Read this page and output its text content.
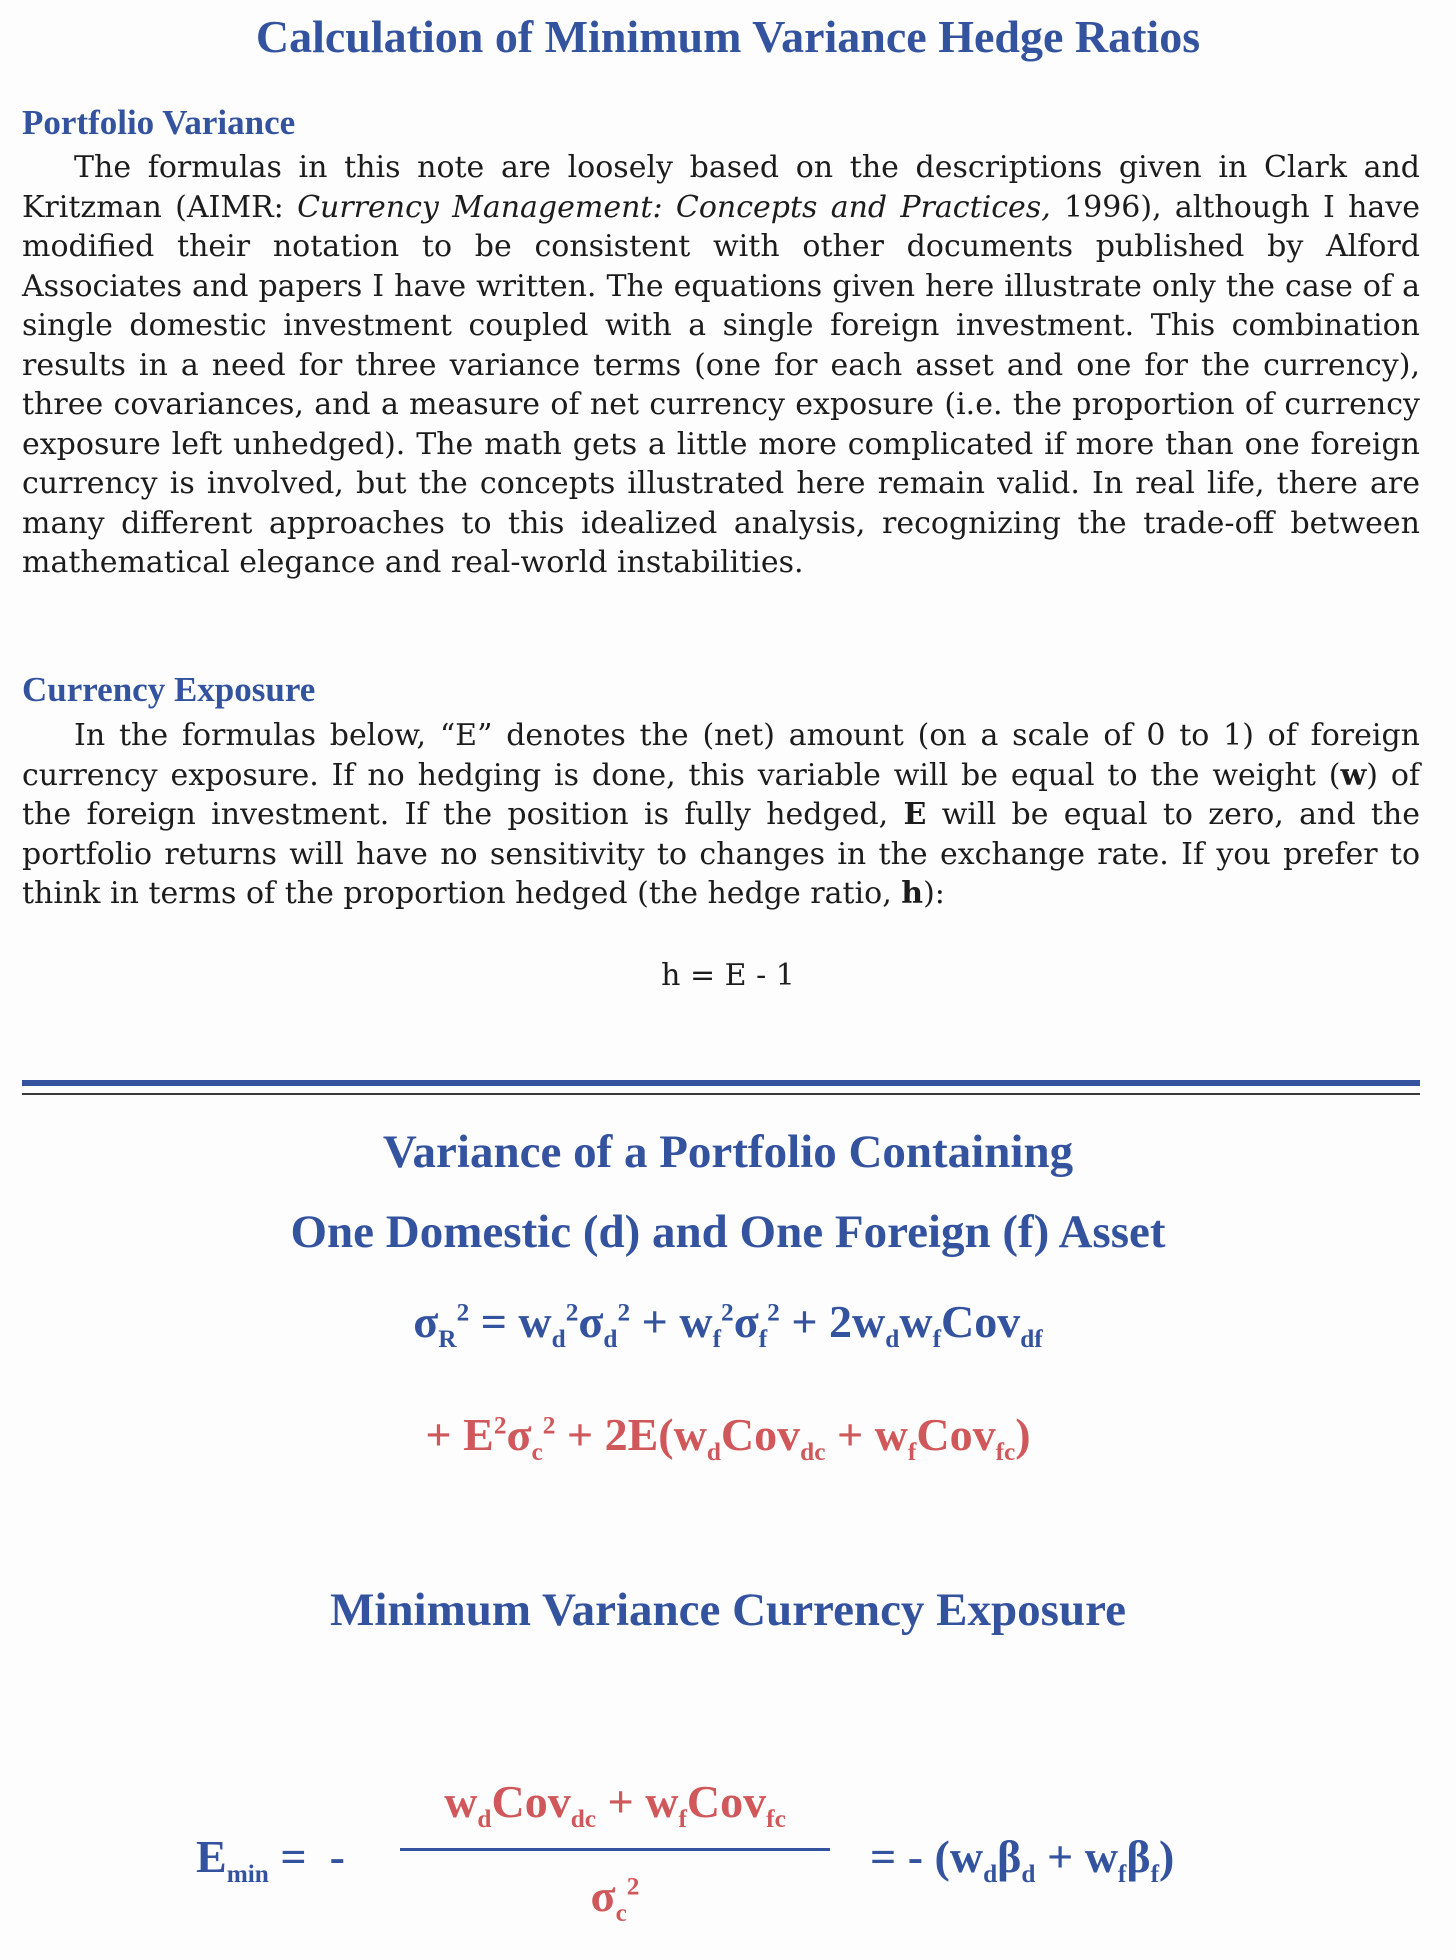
Calculation of Minimum Variance Hedge Ratios
Portfolio Variance

The formulas in this note are loosely based on the descriptions given in Clark and Kritzman (AIMR: Currency Management: Concepts and Practices, 1996), although I have modified their notation to be consistent with other documents published by Alford Associates and papers I have written. The equations given here illustrate only the case of a single domestic investment coupled with a single foreign investment. This combination results in a need for three variance terms (one for each asset and one for the currency), three covariances, and a measure of net currency exposure (i.e. the proportion of currency exposure left unhedged). The math gets a little more complicated if more than one foreign currency is involved, but the concepts illustrated here remain valid. In real life, there are many different approaches to this idealized analysis, recognizing the trade-off between mathematical elegance and real-world instabilities.

Currency Exposure

In the formulas below, “E” denotes the (net) amount (on a scale of 0 to 1) of foreign currency exposure. If no hedging is done, this variable will be equal to the weight (w) of the foreign investment. If the position is fully hedged, E will be equal to zero, and the portfolio returns will have no sensitivity to changes in the exchange rate. If you prefer to think in terms of the proportion hedged (the hedge ratio, h):

h = E - 1
Variance of a Portfolio Containing
One Domestic (d) and One Foreign (f) Asset
$\sigma_R^2 = w_d^2\sigma_d^2 + w_f^2\sigma_f^2 + 2w_dw_fCov_{df}$
+ $E^2\sigma_c^2 + 2E(w_dCov_{dc} + w_fCov_{fc})$
Minimum Variance Currency Exposure
$E_{min}$ =  -
$w_dCov_{dc} + w_fCov_{fc}$
$\sigma_c^2$
= - $(w_d\beta_d + w_f\beta_f)$
